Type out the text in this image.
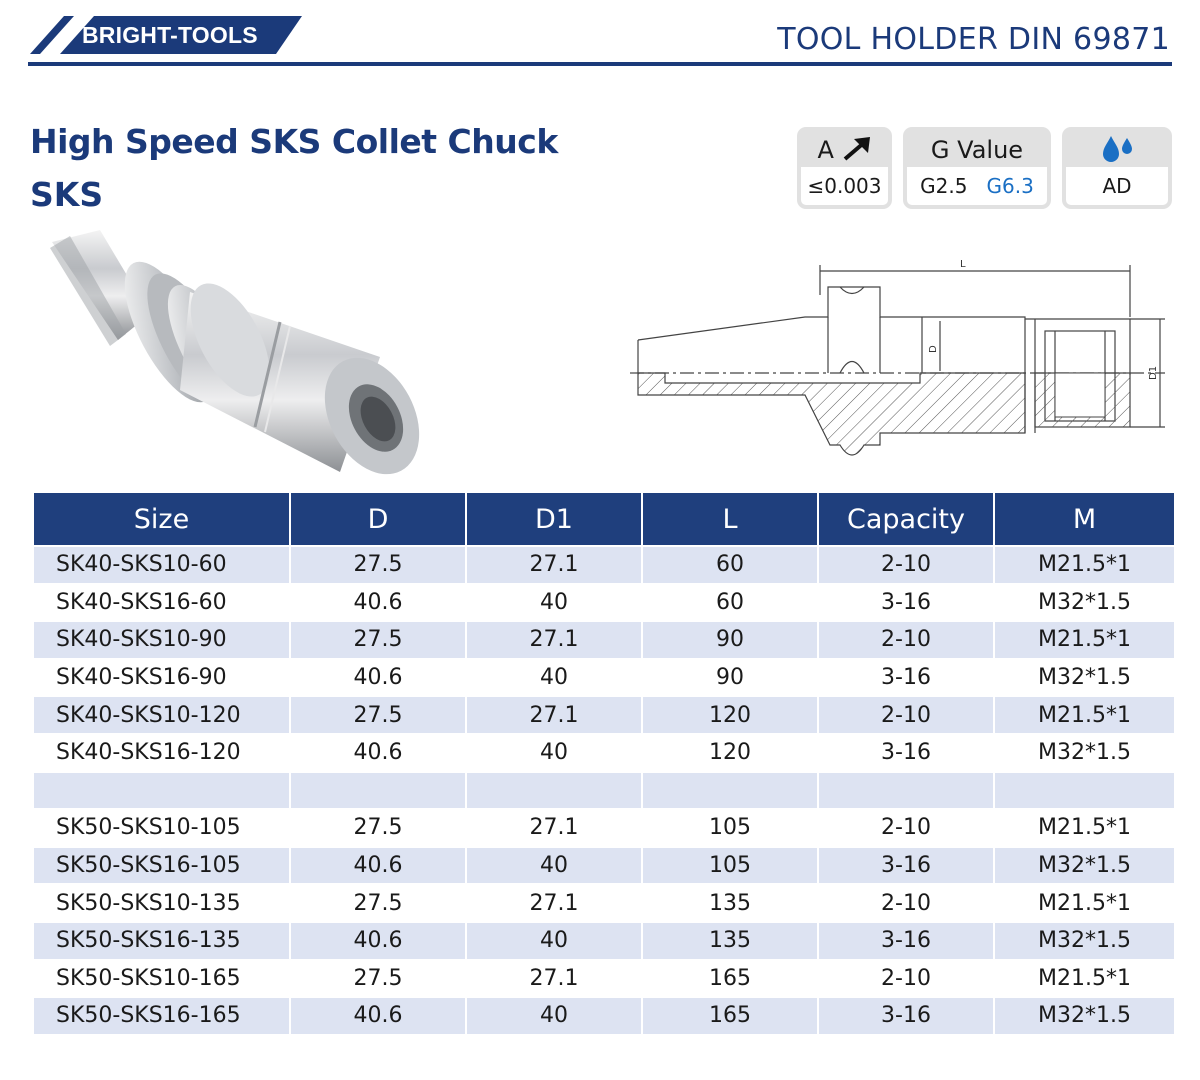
BRIGHT-TOOLS	TOOL HOLDER DIN 69871
High Speed SKS Collet Chuck
SKS
A
≤0.003
G Value
G2.5 G6.3	AD
L
D
D1
Size	D	D1	L	Capacity	M
SK40-SKS10-60	27.5	27.1	60	2-10	M21.5*1
SK40-SKS16-60	40.6	40	60	3-16	M32*1.5
SK40-SKS10-90	27.5	27.1	90	2-10	M21.5*1
SK40-SKS16-90	40.6	40	90	3-16	M32*1.5
SK40-SKS10-120	27.5	27.1	120	2-10	M21.5*1
SK40-SKS16-120	40.6	40	120	3-16	M32*1.5

SK50-SKS10-105	27.5	27.1	105	2-10	M21.5*1
SK50-SKS16-105	40.6	40	105	3-16	M32*1.5
SK50-SKS10-135	27.5	27.1	135	2-10	M21.5*1
SK50-SKS16-135	40.6	40	135	3-16	M32*1.5
SK50-SKS10-165	27.5	27.1	165	2-10	M21.5*1
SK50-SKS16-165	40.6	40	165	3-16	M32*1.5
